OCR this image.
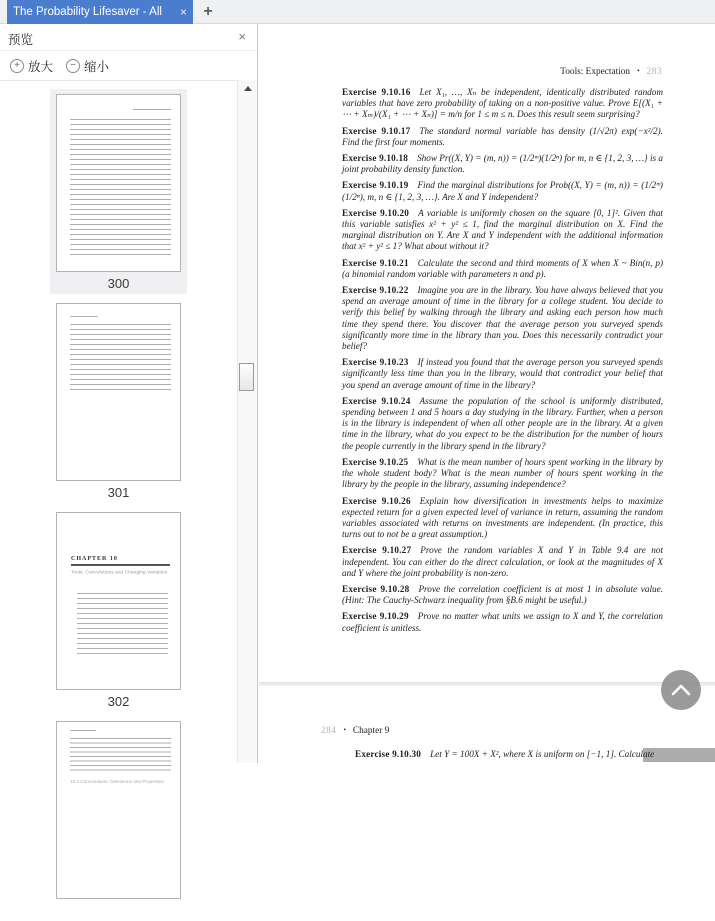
The Probability Lifesaver - All	×	+
预览	×
+ 放大	− 缩小
300
301
CHAPTER 10
Tools: Convolutions and Changing Variables
302
10.1 Convolutions: Definitions and Properties
Tools: Expectation • 283

Exercise 9.10.16 Let X₁, …, Xₙ be independent, identically distributed random variables that have zero probability of taking on a non-positive value. Prove E[(X₁ + ⋯ + Xₘ)/(X₁ + ⋯ + Xₙ)] = m/n for 1 ≤ m ≤ n. Does this result seem surprising?

Exercise 9.10.17 The standard normal variable has density (1/√2π) exp(−x²/2). Find the first four moments.

Exercise 9.10.18 Show Pr((X, Y) = (m, n)) = (1/2ᵐ)(1/2ⁿ) for m, n ∈ {1, 2, 3, …} is a joint probability density function.

Exercise 9.10.19 Find the marginal distributions for Prob((X, Y) = (m, n)) = (1/2ᵐ)(1/2ⁿ), m, n ∈ {1, 2, 3, …}. Are X and Y independent?

Exercise 9.10.20 A variable is uniformly chosen on the square [0, 1]². Given that this variable satisfies x² + y² ≤ 1, find the marginal distribution on X. Find the marginal distribution on Y. Are X and Y independent with the additional information that x² + y² ≤ 1? What about without it?

Exercise 9.10.21 Calculate the second and third moments of X when X ~ Bin(n, p) (a binomial random variable with parameters n and p).

Exercise 9.10.22 Imagine you are in the library. You have always believed that you spend an average amount of time in the library for a college student. You decide to verify this belief by walking through the library and asking each person how much time they spend there. You discover that the average person you surveyed spends significantly more time in the library than you. Does this necessarily contradict your belief?

Exercise 9.10.23 If instead you found that the average person you surveyed spends significantly less time than you in the library, would that contradict your belief that you spend an average amount of time in the library?

Exercise 9.10.24 Assume the population of the school is uniformly distributed, spending between 1 and 5 hours a day studying in the library. Further, when a person is in the library is independent of when all other people are in the library. At a given time in the library, what do you expect to be the distribution for the number of hours the people currently in the library spend in the library?

Exercise 9.10.25 What is the mean number of hours spent working in the library by the whole student body? What is the mean number of hours spent working in the library by the people in the library, assuming independence?

Exercise 9.10.26 Explain how diversification in investments helps to maximize expected return for a given expected level of variance in return, assuming the random variables associated with returns on investments are independent. (In practice, this turns out to not be a great assumption.)

Exercise 9.10.27 Prove the random variables X and Y in Table 9.4 are not independent. You can either do the direct calculation, or look at the magnitudes of X and Y where the joint probability is non-zero.

Exercise 9.10.28 Prove the correlation coefficient is at most 1 in absolute value. (Hint: The Cauchy-Schwarz inequality from §B.6 might be useful.)

Exercise 9.10.29 Prove no matter what units we assign to X and Y, the correlation coefficient is unitless.

284 • Chapter 9

Exercise 9.10.30 Let Y = 100X + X², where X is uniform on [−1, 1]. Calculate
